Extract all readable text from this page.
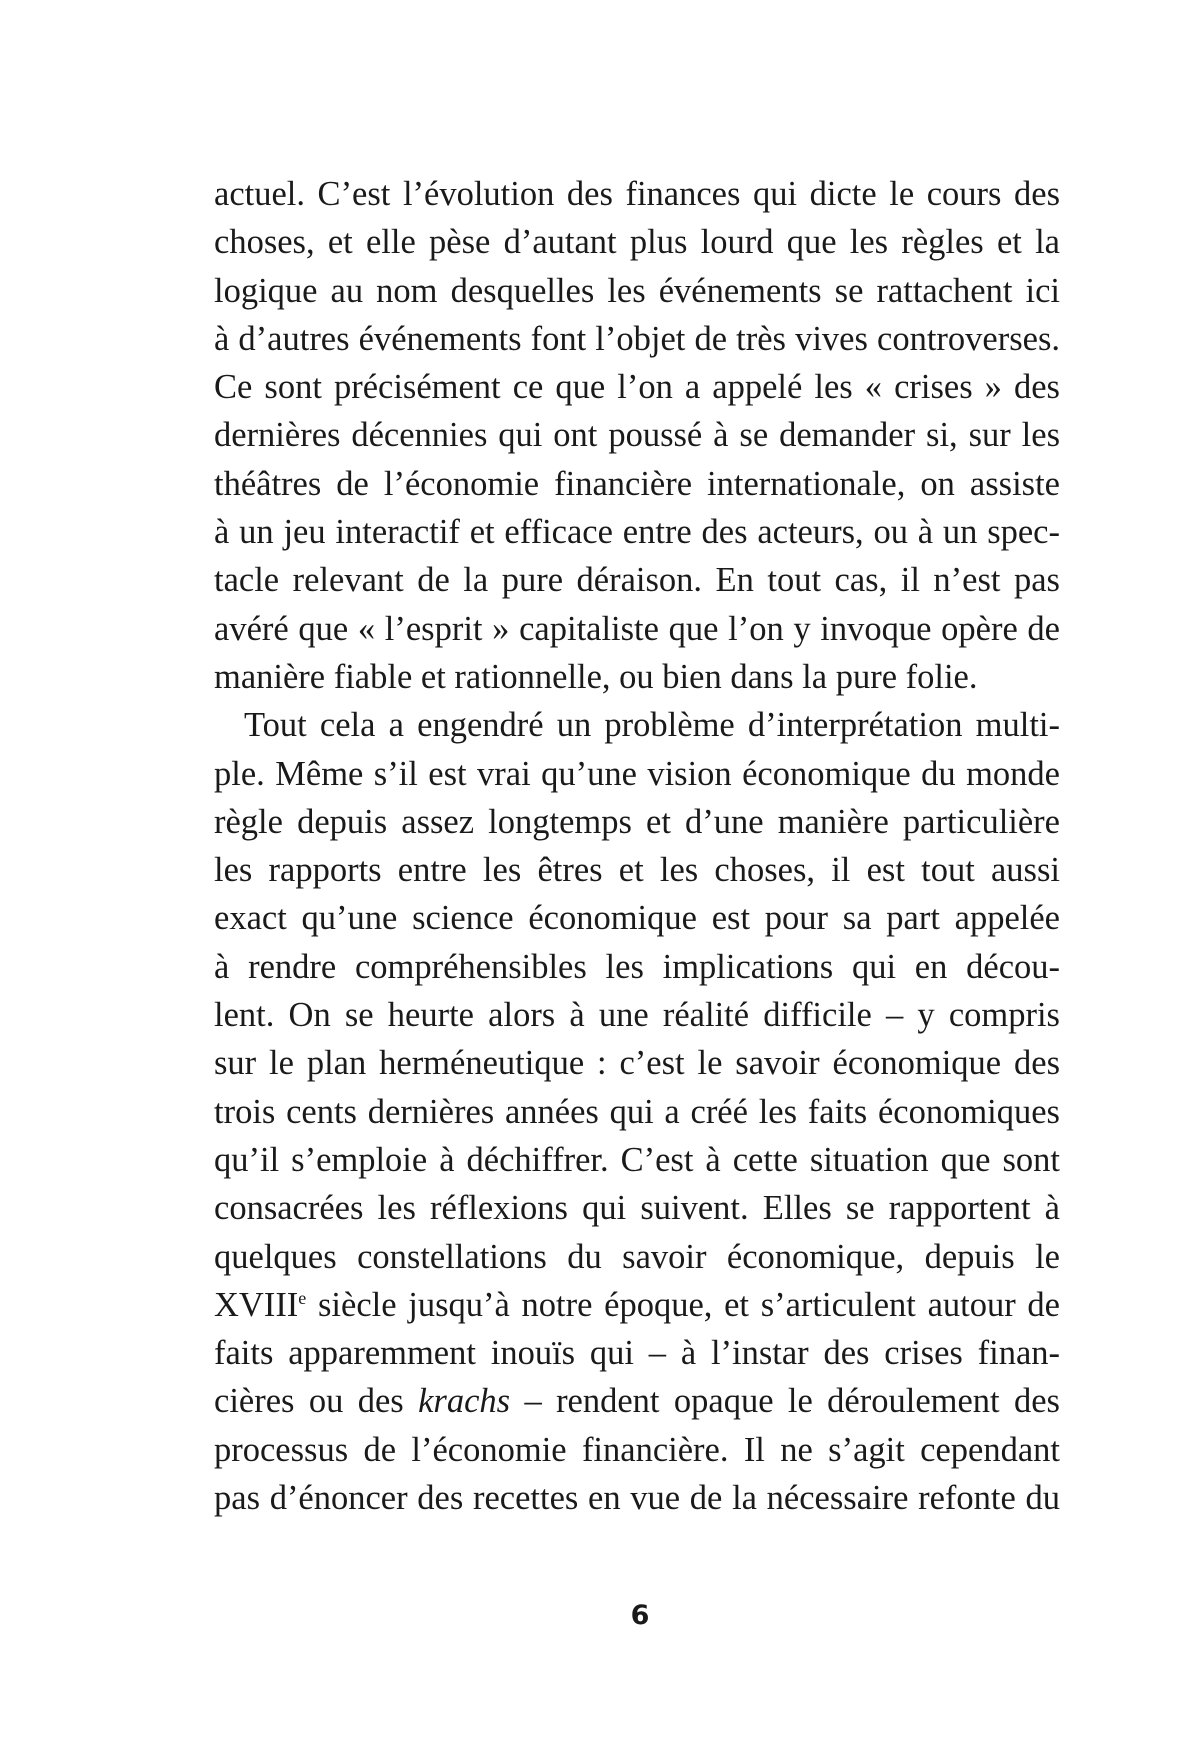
actuel. C’est l’évolution des finances qui dicte le cours des
choses, et elle pèse d’autant plus lourd que les règles et la
logique au nom desquelles les événements se rattachent ici
à d’autres événements font l’objet de très vives controverses.
Ce sont précisément ce que l’on a appelé les « crises » des
dernières décennies qui ont poussé à se demander si, sur les
théâtres de l’économie financière internationale, on assiste
à un jeu interactif et efficace entre des acteurs, ou à un spec-
tacle relevant de la pure déraison. En tout cas, il n’est pas
avéré que « l’esprit » capitaliste que l’on y invoque opère de
manière fiable et rationnelle, ou bien dans la pure folie.
Tout cela a engendré un problème d’interprétation multi-
ple. Même s’il est vrai qu’une vision économique du monde
règle depuis assez longtemps et d’une manière particulière
les rapports entre les êtres et les choses, il est tout aussi
exact qu’une science économique est pour sa part appelée
à rendre compréhensibles les implications qui en décou-
lent. On se heurte alors à une réalité difficile – y compris
sur le plan herméneutique : c’est le savoir économique des
trois cents dernières années qui a créé les faits économiques
qu’il s’emploie à déchiffrer. C’est à cette situation que sont
consacrées les réflexions qui suivent. Elles se rapportent à
quelques constellations du savoir économique, depuis le
XVIIIe siècle jusqu’à notre époque, et s’articulent autour de
faits apparemment inouïs qui – à l’instar des crises finan-
cières ou des krachs – rendent opaque le déroulement des
processus de l’économie financière. Il ne s’agit cependant
pas d’énoncer des recettes en vue de la nécessaire refonte du
6
